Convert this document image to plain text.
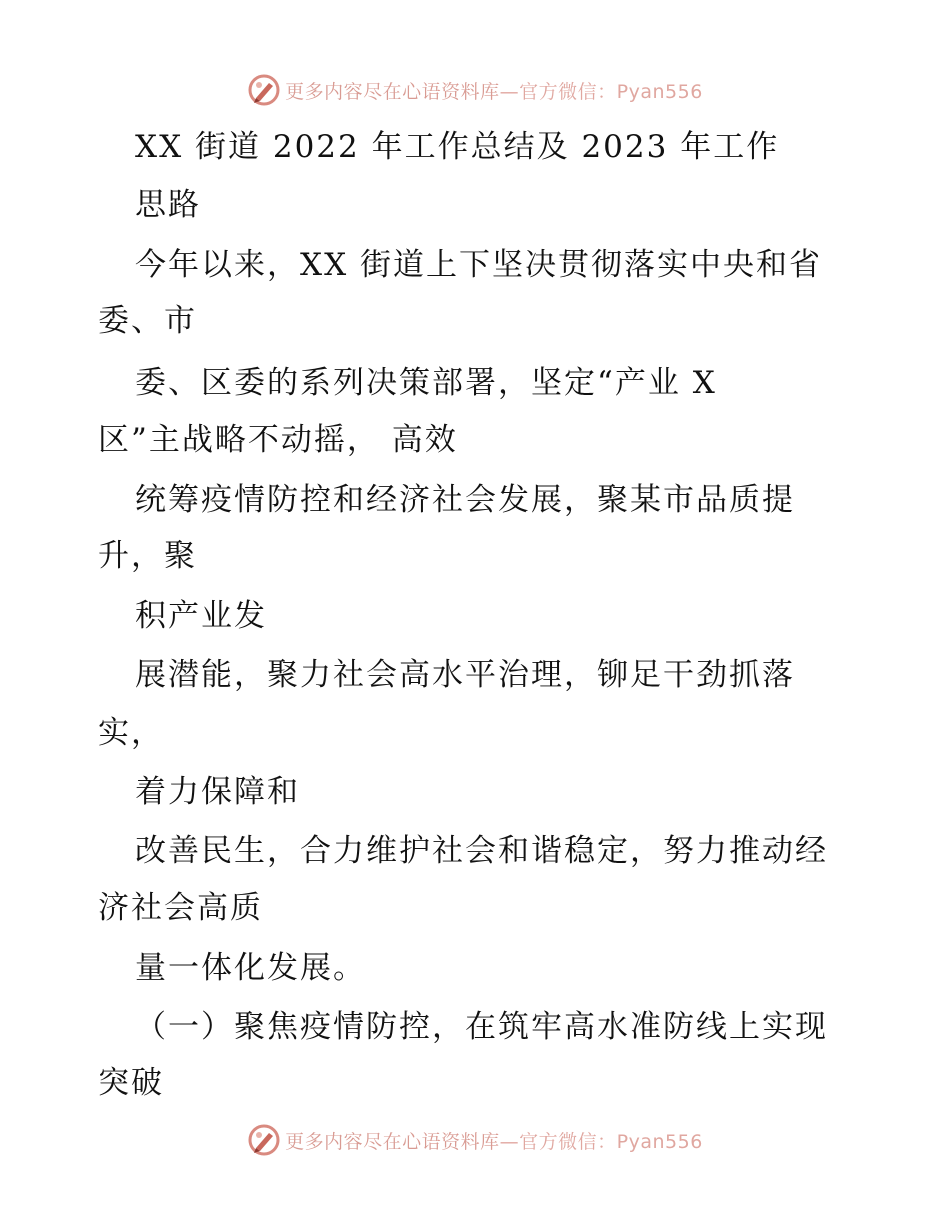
更多内容尽在心语资料库—官方微信：Pyan556
XX 街道 2022 年工作总结及 2023 年工作
思路
今年以来，XX 街道上下坚决贯彻落实中央和省
委、市
委、区委的系列决策部署，坚定“产业 X
区”主战略不动摇， 高效
统筹疫情防控和经济社会发展，聚某市品质提
升，聚
积产业发
展潜能，聚力社会高水平治理，铆足干劲抓落
实，
着力保障和
改善民生，合力维护社会和谐稳定，努力推动经
济社会高质
量一体化发展。
（一）聚焦疫情防控，在筑牢高水准防线上实现
突破
更多内容尽在心语资料库—官方微信：Pyan556
